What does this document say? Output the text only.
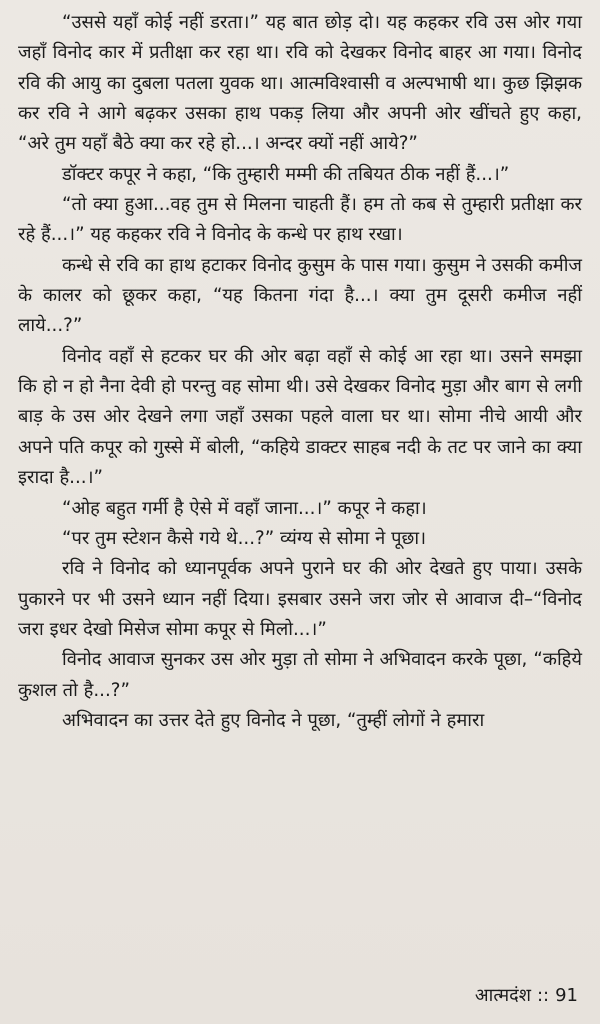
“उससे यहाँ कोई नहीं डरता।” यह बात छोड़ दो। यह कहकर रवि उस ओर गया जहाँ विनोद कार में प्रतीक्षा कर रहा था। रवि को देखकर विनोद बाहर आ गया। विनोद रवि की आयु का दुबला पतला युवक था। आत्मविश्वासी व अल्पभाषी था। कुछ झिझक कर रवि ने आगे बढ़कर उसका हाथ पकड़ लिया और अपनी ओर खींचते हुए कहा, “अरे तुम यहाँ बैठे क्या कर रहे हो...। अन्दर क्यों नहीं आये?”

डॉक्टर कपूर ने कहा, “कि तुम्हारी मम्मी की तबियत ठीक नहीं हैं...।”

“तो क्या हुआ...वह तुम से मिलना चाहती हैं। हम तो कब से तुम्हारी प्रतीक्षा कर रहे हैं...।” यह कहकर रवि ने विनोद के कन्धे पर हाथ रखा।

कन्धे से रवि का हाथ हटाकर विनोद कुसुम के पास गया। कुसुम ने उसकी कमीज के कालर को छूकर कहा, “यह कितना गंदा है...। क्या तुम दूसरी कमीज नहीं लाये...?”

विनोद वहाँ से हटकर घर की ओर बढ़ा वहाँ से कोई आ रहा था। उसने समझा कि हो न हो नैना देवी हो परन्तु वह सोमा थी। उसे देखकर विनोद मुड़ा और बाग से लगी बाड़ के उस ओर देखने लगा जहाँ उसका पहले वाला घर था। सोमा नीचे आयी और अपने पति कपूर को गुस्से में बोली, “कहिये डाक्टर साहब नदी के तट पर जाने का क्या इरादा है...।”

“ओह बहुत गर्मी है ऐसे में वहाँ जाना...।” कपूर ने कहा।

“पर तुम स्टेशन कैसे गये थे...?” व्यंग्य से सोमा ने पूछा।

रवि ने विनोद को ध्यानपूर्वक अपने पुराने घर की ओर देखते हुए पाया। उसके पुकारने पर भी उसने ध्यान नहीं दिया। इसबार उसने जरा जोर से आवाज दी–“विनोद जरा इधर देखो मिसेज सोमा कपूर से मिलो...।”

विनोद आवाज सुनकर उस ओर मुड़ा तो सोमा ने अभिवादन करके पूछा, “कहिये कुशल तो है...?”

अभिवादन का उत्तर देते हुए विनोद ने पूछा, “तुम्हीं लोगों ने हमारा

आत्मदंश :: 91
